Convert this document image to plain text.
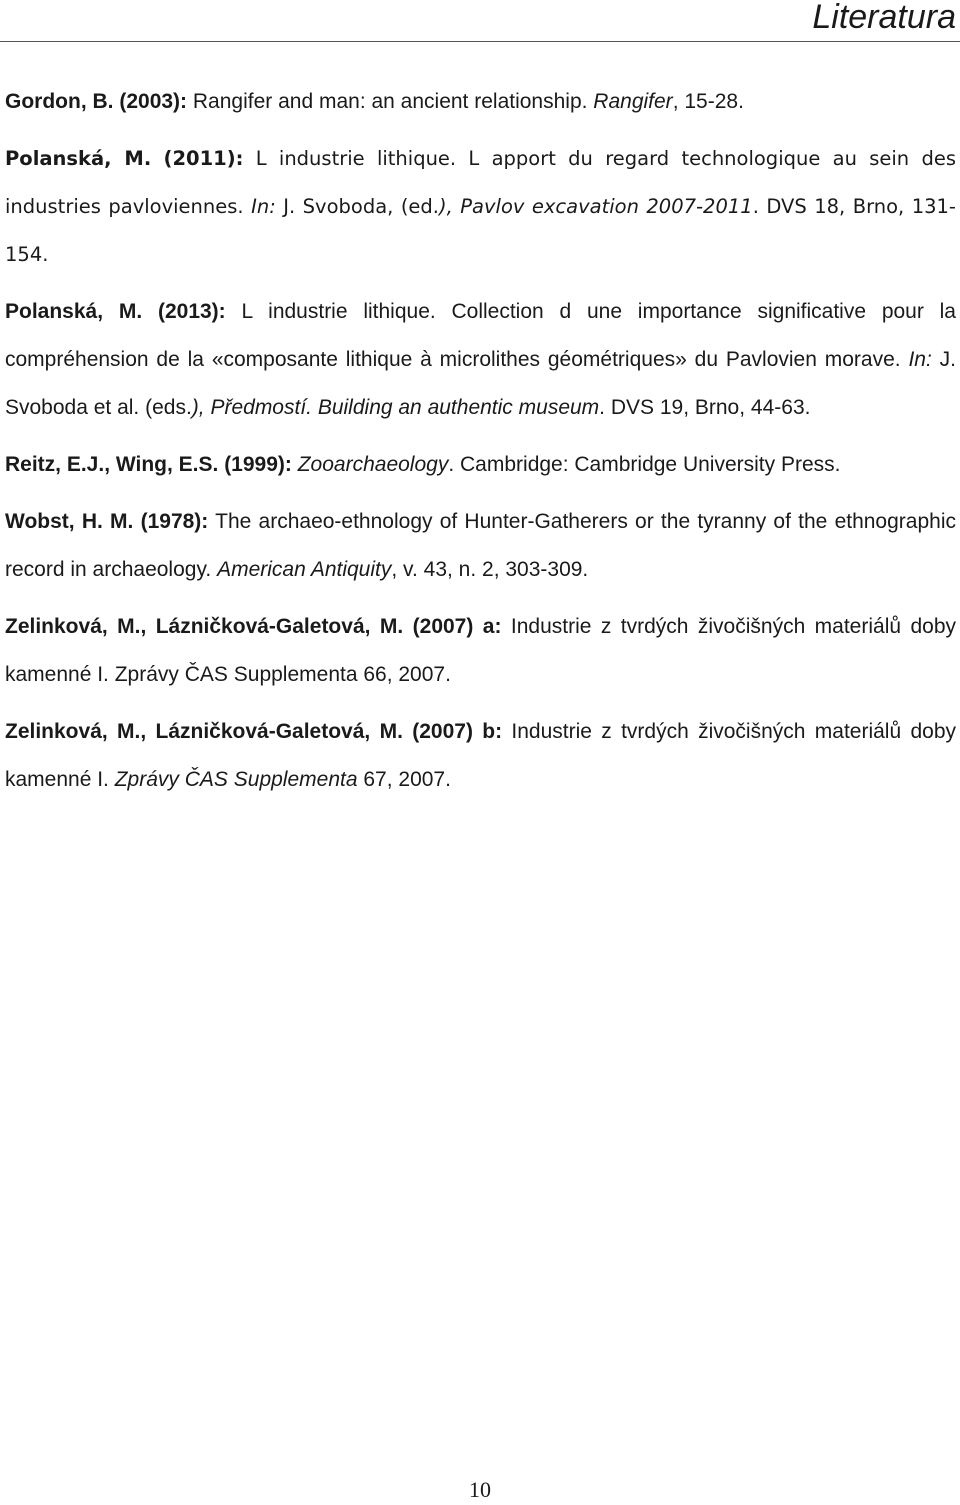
Literatura

Gordon, B. (2003): Rangifer and man: an ancient relationship. Rangifer, 15-28.

Polanská, M. (2011): L industrie lithique. L apport du regard technologique au sein des industries pavloviennes. In: J. Svoboda, (ed.), Pavlov excavation 2007-2011. DVS 18, Brno, 131-154.

Polanská, M. (2013): L industrie lithique. Collection d une importance significative pour la compréhension de la «composante lithique à microlithes géométriques» du Pavlovien morave. In: J. Svoboda et al. (eds.), Předmostí. Building an authentic museum. DVS 19, Brno, 44-63.

Reitz, E.J., Wing, E.S. (1999): Zooarchaeology. Cambridge: Cambridge University Press.

Wobst, H. M. (1978): The archaeo-ethnology of Hunter-Gatherers or the tyranny of the ethnographic record in archaeology. American Antiquity, v. 43, n. 2, 303-309.

Zelinková, M., Lázničková-Galetová, M. (2007) a: Industrie z tvrdých živočišných materiálů doby kamenné I. Zprávy ČAS Supplementa 66, 2007.

Zelinková, M., Lázničková-Galetová, M. (2007) b: Industrie z tvrdých živočišných materiálů doby kamenné I. Zprávy ČAS Supplementa 67, 2007.

10
